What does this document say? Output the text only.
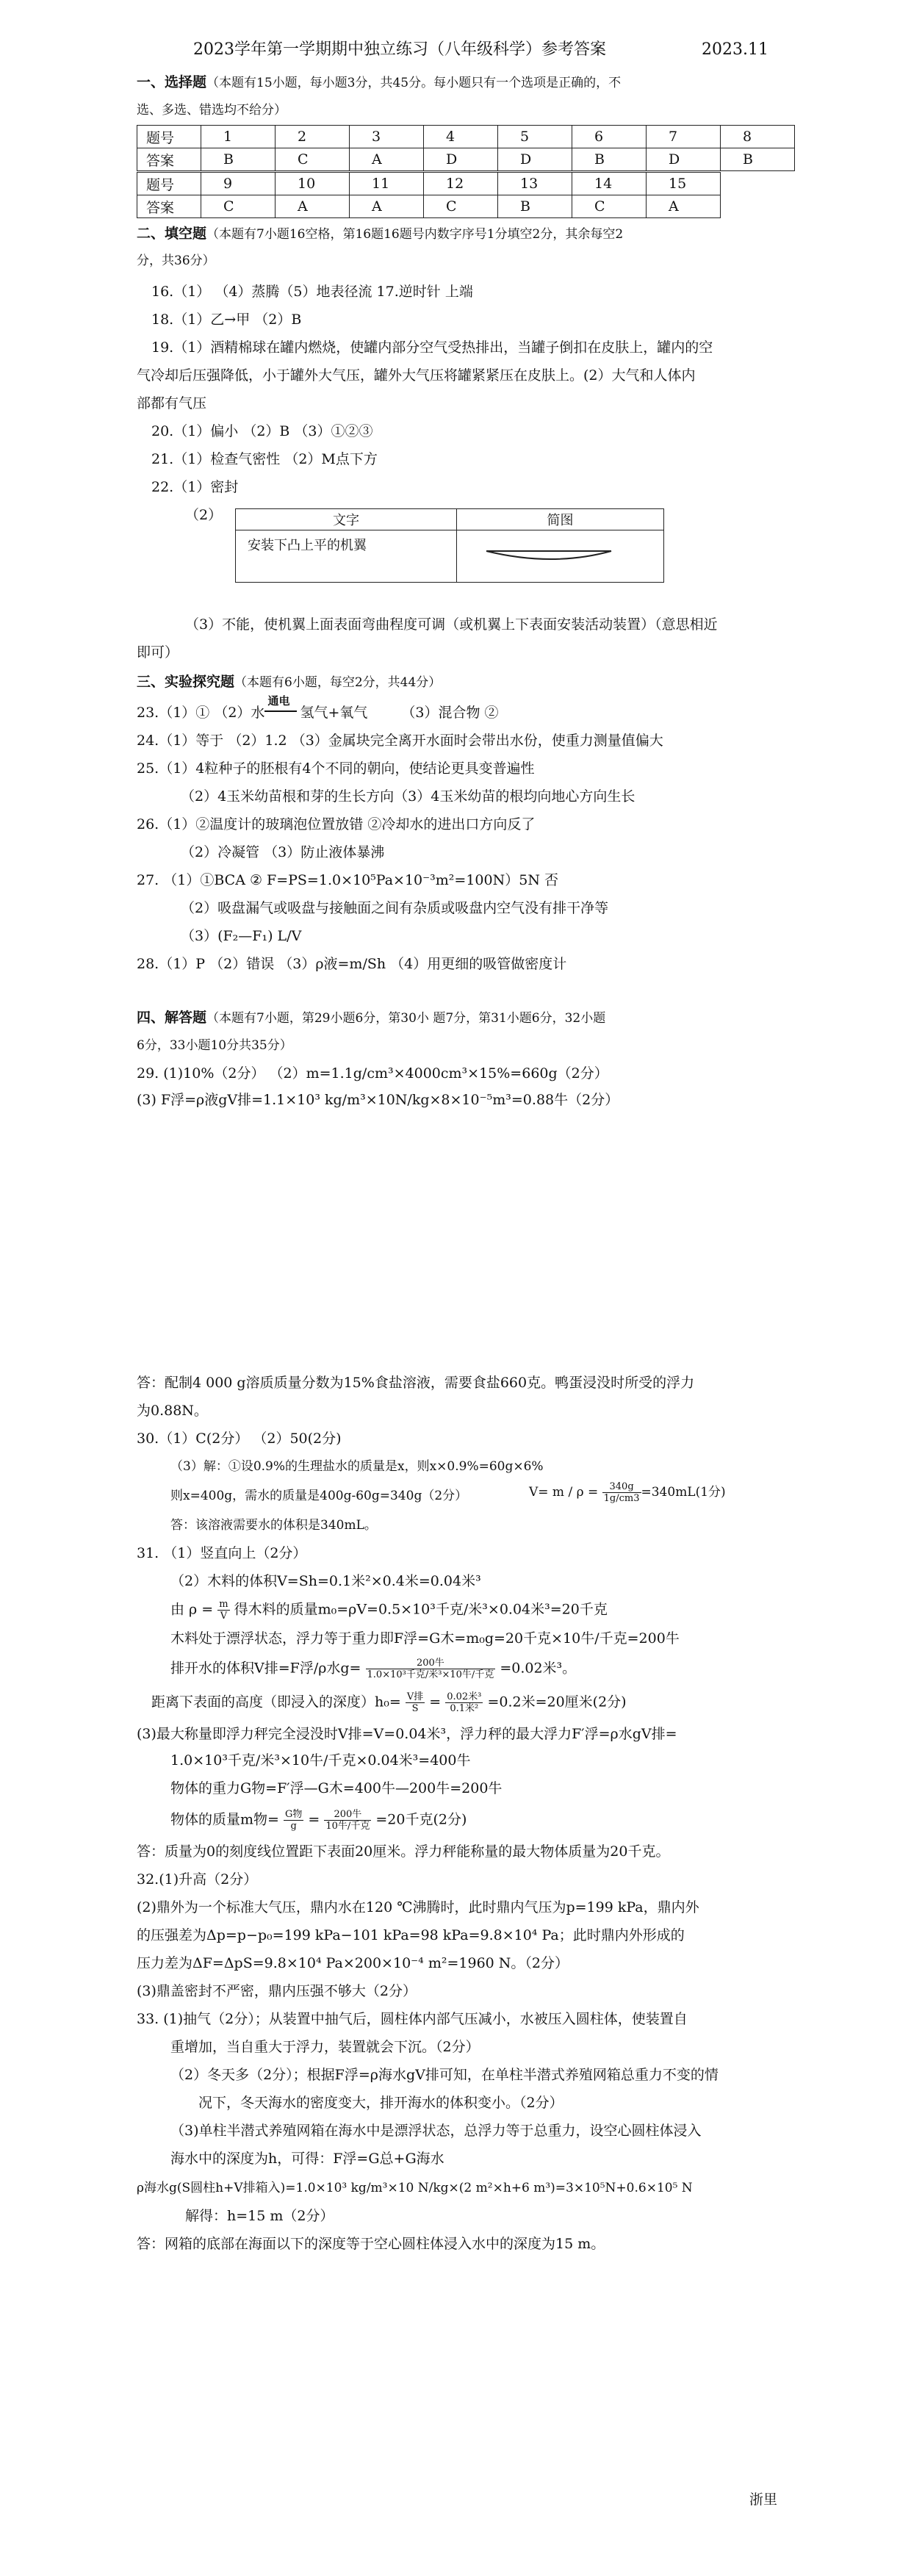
2023学年第一学期期中独立练习（八年级科学）参考答案	2023.11
一、选择题（本题有15小题，每小题3分，共45分。每小题只有一个选项是正确的，不
选、多选、错选均不给分）
题号	1	2	3	4	5	6	7	8
答案	B	C	A	D	D	B	D	B
题号	9	10	11	12	13	14	15
答案	C	A	A	C	B	C	A
二、填空题（本题有7小题16空格，第16题16题号内数字序号1分填空2分，其余每空2
分，共36分）
16.（1） （4）蒸腾（5）地表径流 17.逆时针 上端
18.（1）乙→甲 （2）B
19.（1）酒精棉球在罐内燃烧，使罐内部分空气受热排出，当罐子倒扣在皮肤上，罐内的空
气冷却后压强降低，小于罐外大气压，罐外大气压将罐紧紧压在皮肤上。(2）大气和人体内
部都有气压
20.（1）偏小 （2）B （3）①②③
21.（1）检查气密性 （2）M点下方
22.（1）密封
（2）	文字	简图
安装下凸上平的机翼	
（3）不能，使机翼上面表面弯曲程度可调（或机翼上下表面安装活动装置）（意思相近
即可）
三、实验探究题（本题有6小题，每空2分，共44分）
23.（1）① （2）水
通电
氢气+氧气 （3）混合物 ②
24.（1）等于 （2）1.2 （3）金属块完全离开水面时会带出水份，使重力测量值偏大
25.（1）4粒种子的胚根有4个不同的朝向，使结论更具变普遍性
（2）4玉米幼苗根和芽的生长方向（3）4玉米幼苗的根均向地心方向生长
26.（1）②温度计的玻璃泡位置放错 ②冷却水的进出口方向反了
（2）冷凝管 （3）防止液体暴沸
27. （1）①BCA ② F=PS=1.0×10⁵Pa×10⁻³m²=100N）5N 否
（2）吸盘漏气或吸盘与接触面之间有杂质或吸盘内空气没有排干净等
（3）(F₂—F₁) L/V
28.（1）P （2）错误 （3）ρ液=m/Sh （4）用更细的吸管做密度计
四、解答题（本题有7小题，第29小题6分，第30小 题7分，第31小题6分，32小题
6分，33小题10分共35分）
29. (1)10%（2分） （2）m=1.1g/cm³×4000cm³×15%=660g（2分）
(3) F浮=ρ液gV排=1.1×10³ kg/m³×10N/kg×8×10⁻⁵m³=0.88牛（2分）
答：配制4 000 g溶质质量分数为15%食盐溶液，需要食盐660克。鸭蛋浸没时所受的浮力
为0.88N。
30.（1）C(2分） （2）50(2分)
（3）解：①设0.9%的生理盐水的质量是x，则x×0.9%=60g×6%
则x=400g，需水的质量是400g-60g=340g（2分）	$V= m / \rho = \frac{340g}{1g/cm3} =340mL(1$分)
答：该溶液需要水的体积是340mL。
31. （1）竖直向上（2分）
（2）木料的体积V=Sh=0.1米²×0.4米=0.04米³
由 $\rho = \frac{m}{V}$ 得木料的质量m₀=ρV=0.5×10³千克/米³×0.04米³=20千克
木料处于漂浮状态，浮力等于重力即F浮=G木=m₀g=20千克×10牛/千克=200牛
排开水的体积V排=F浮/ρ水$g= \frac{\text{200牛}}{\text{1.0×10³千克/米³×10牛/千克}} =0.02$米³。
距离下表面的高度（即浸入的深度）$h_0= \frac{\text{V排}}{S} = \frac{\text{0.02米³}}{\text{0.1米²}} =0.2$米=20厘米(2分)
(3)最大称量即浮力秤完全浸没时V排=V=0.04米³，浮力秤的最大浮力F′浮=ρ水gV排=
1.0×10³千克/米³×10牛/千克×0.04米³=400牛
物体的重力G物=F′浮—G木=400牛—200牛=200牛
物体的质量m物= $\frac{\text{G物}}{g} = \frac{\text{200牛}}{\text{10牛/千克}} =20$千克(2分)
答：质量为0的刻度线位置距下表面20厘米。浮力秤能称量的最大物体质量为20千克。
32.(1)升高（2分）
(2)鼎外为一个标准大气压，鼎内水在120 ℃沸腾时，此时鼎内气压为p=199 kPa，鼎内外
的压强差为Δp=p−p₀=199 kPa−101 kPa=98 kPa=9.8×10⁴ Pa；此时鼎内外形成的
压力差为ΔF=ΔpS=9.8×10⁴ Pa×200×10⁻⁴ m²=1960 N。（2分）
(3)鼎盖密封不严密，鼎内压强不够大（2分）
33. (1)抽气（2分）；从装置中抽气后，圆柱体内部气压减小，水被压入圆柱体，使装置自
重增加，当自重大于浮力，装置就会下沉。（2分）
（2）冬天多（2分）；根据F浮=ρ海水gV排可知，在单柱半潜式养殖网箱总重力不变的情
况下，冬天海水的密度变大，排开海水的体积变小。（2分）
（3)单柱半潜式养殖网箱在海水中是漂浮状态，总浮力等于总重力，设空心圆柱体浸入
海水中的深度为h，可得：F浮=G总+G海水
ρ海水g(S圆柱h+V排箱入)=1.0×10³ kg/m³×10 N/kg×(2 m²×h+6 m³)=3×10⁵N+0.6×10⁵ N
解得：h=15 m（2分）
答：网箱的底部在海面以下的深度等于空心圆柱体浸入水中的深度为15 m。
浙里
